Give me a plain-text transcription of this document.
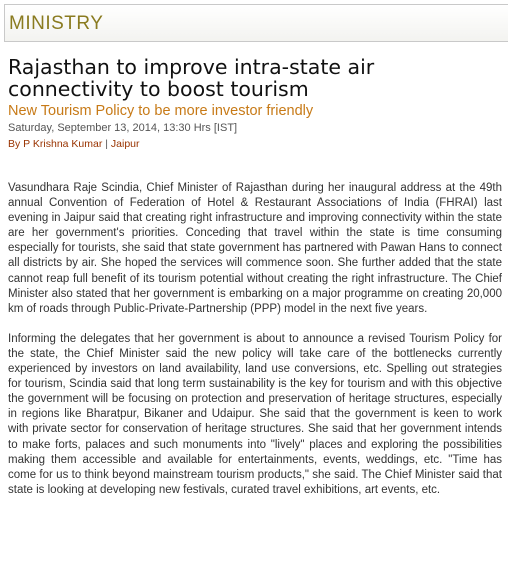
MINISTRY
Rajasthan to improve intra-state air connectivity to boost tourism
New Tourism Policy to be more investor friendly
Saturday, September 13, 2014, 13:30 Hrs [IST]
By P Krishna Kumar | Jaipur

Vasundhara Raje Scindia, Chief Minister of Rajasthan during her inaugural address at the 49th annual Convention of Federation of Hotel & Restaurant Associations of India (FHRAI) last evening in Jaipur said that creating right infrastructure and improving connectivity within the state are her government's priorities. Conceding that travel within the state is time consuming especially for tourists, she said that state government has partnered with Pawan Hans to connect all districts by air. She hoped the services will commence soon. She further added that the state cannot reap full benefit of its tourism potential without creating the right infrastructure. The Chief Minister also stated that her government is embarking on a major programme on creating 20,000 km of roads through Public-Private-Partnership (PPP) model in the next five years.

Informing the delegates that her government is about to announce a revised Tourism Policy for the state, the Chief Minister said the new policy will take care of the bottlenecks currently experienced by investors on land availability, land use conversions, etc. Spelling out strategies for tourism, Scindia said that long term sustainability is the key for tourism and with this objective the government will be focusing on protection and preservation of heritage structures, especially in regions like Bharatpur, Bikaner and Udaipur. She said that the government is keen to work with private sector for conservation of heritage structures. She said that her government intends to make forts, palaces and such monuments into "lively" places and exploring the possibilities making them accessible and available for entertainments, events, weddings, etc. "Time has come for us to think beyond mainstream tourism products," she said. The Chief Minister said that state is looking at developing new festivals, curated travel exhibitions, art events, etc.
